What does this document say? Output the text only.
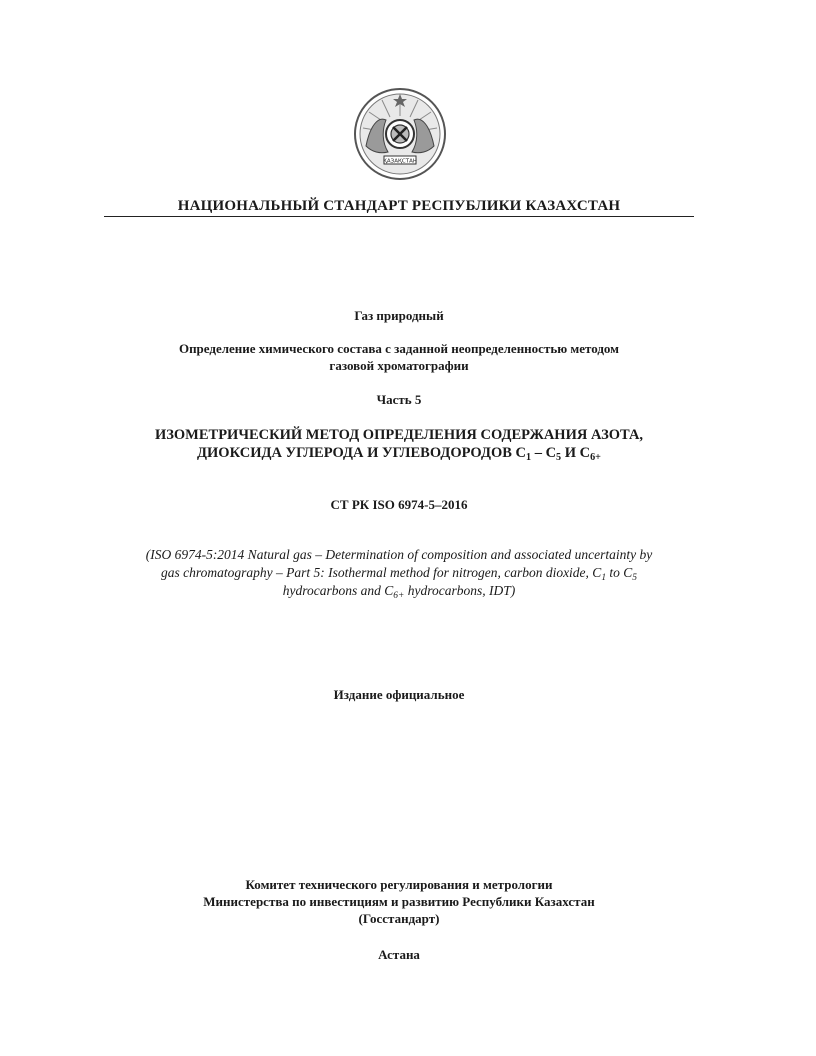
ҚАЗАҚСТАН
НАЦИОНАЛЬНЫЙ СТАНДАРТ РЕСПУБЛИКИ КАЗАХСТАН
Газ природный
Определение химического состава с заданной неопределенностью методом
газовой хроматографии
Часть 5
ИЗОМЕТРИЧЕСКИЙ МЕТОД ОПРЕДЕЛЕНИЯ СОДЕРЖАНИЯ АЗОТА,
ДИОКСИДА УГЛЕРОДА И УГЛЕВОДОРОДОВ $С_1 - С_5$ И $С_{6+}$
СТ РК ISO 6974-5–2016
(ISO 6974-5:2014 Natural gas – Determination of composition and associated uncertainty by
gas chromatography – Part 5: Isothermal method for nitrogen, carbon dioxide, $C_1$ to $C_5$
hydrocarbons and $C_{6+}$ hydrocarbons, IDT)
Издание официальное
Комитет технического регулирования и метрологии
Министерства по инвестициям и развитию Республики Казахстан
(Госстандарт)
Астана
